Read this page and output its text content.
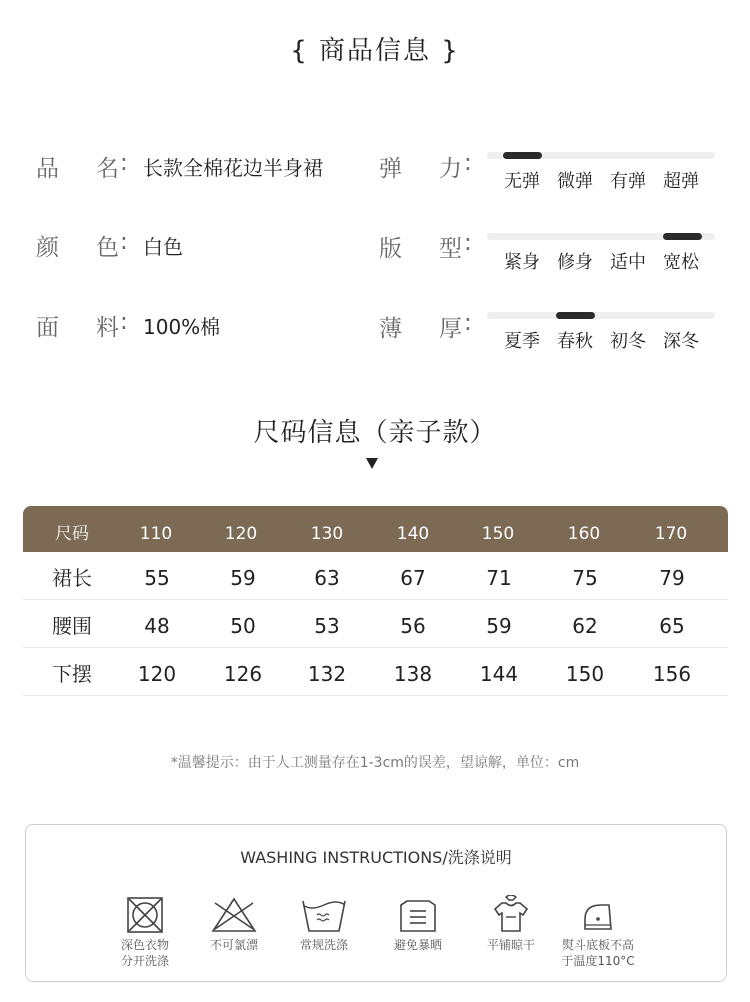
{ 商品信息 }
品 名 : 长款全棉花边半身裙
颜 色 : 白色
面 料 : 100%棉
弹 力 :
无弹 微弹 有弹 超弹
版 型 :
紧身 修身 适中 宽松
薄 厚 :
夏季 春秋 初冬 深冬
尺码信息（亲子款）
尺码	110	120	130	140	150	160	170
裙长	55	59	63	67	71	75	79
腰围	48	50	53	56	59	62	65
下摆	120	126	132	138	144	150	156
*温馨提示：由于人工测量存在1-3cm的误差，望谅解，单位：cm
WASHING INSTRUCTIONS/洗涤说明
深色衣物
分开洗涤
不可氯漂	常规洗涤	避免暴晒	平铺晾干	熨斗底板不高
于温度110°C
